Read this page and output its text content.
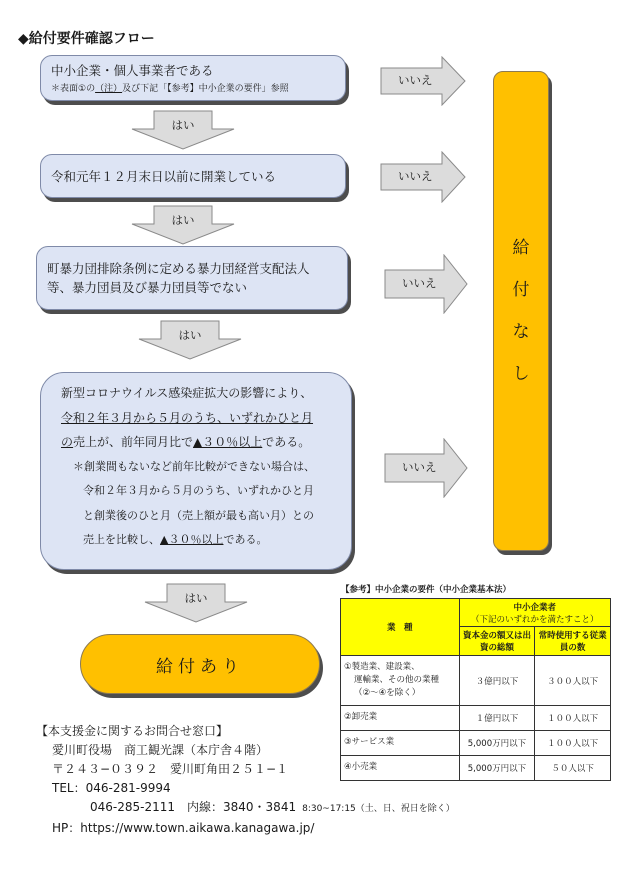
◆給付要件確認フロー
中小企業・個人事業者である
＊表面①の（注）及び下記「【参考】中小企業の要件」参照
令和元年１２月末日以前に開業している
町暴力団排除条例に定める暴力団経営支配法人
等、暴力団員及び暴力団員等でない
新型コロナウイルス感染症拡大の影響により、
令和２年３月から５月のうち、いずれかひと月
の売上が、前年同月比で▲３０％以上である。
＊創業間もないなど前年比較ができない場合は、
令和２年３月から５月のうち、いずれかひと月
と創業後のひと月（売上額が最も高い月）との
売上を比較し、▲３０％以上である。
はい
はい
はい
はい
いいえ
いいえ
いいえ
いいえ
給
付
な
し
給付あり
【本支援金に関するお問合せ窓口】
愛川町役場　商工観光課（本庁舎４階）
〒２４３−０３９２　愛川町角田２５１−１
TEL：046-281-9994
046-285-2111　内線：3840・3841 8:30~17:15（土、日、祝日を除く）
HP：https://www.town.aikawa.kanagawa.jp/
【参考】中小企業の要件（中小企業基本法）
業　種	中小企業者
（下記のいずれかを満たすこと）	

	資本金の額又は出資の総額	常時使用する従業員の数

①製造業、建設業、
運輸業、その他の業種
（②〜④を除く）	３億円以下	３００人以下
②卸売業	１億円以下	１００人以下
③サービス業	5,000万円以下	１００人以下
④小売業	5,000万円以下	５０人以下
